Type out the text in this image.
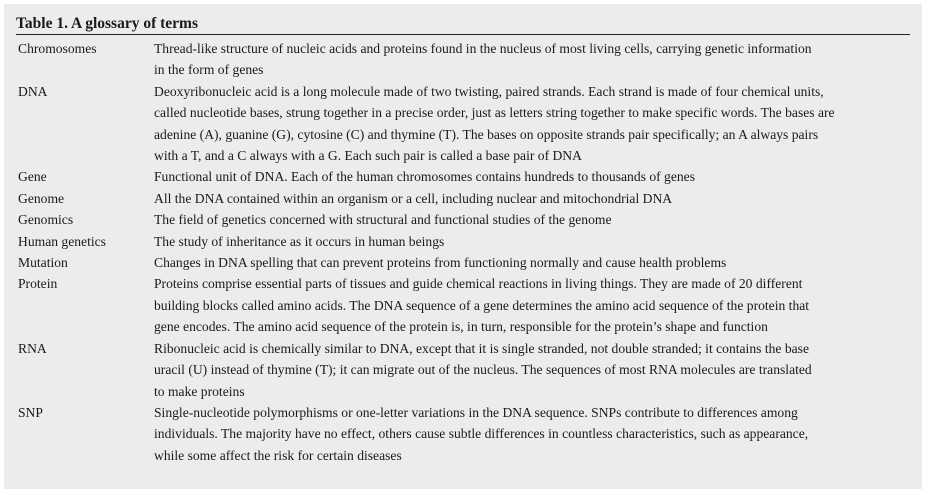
Table 1. A glossary of terms
Chromosomes	Thread-like structure of nucleic acids and proteins found in the nucleus of most living cells, carrying genetic information
in the form of genes
DNA	Deoxyribonucleic acid is a long molecule made of two twisting, paired strands. Each strand is made of four chemical units,
called nucleotide bases, strung together in a precise order, just as letters string together to make specific words. The bases are
adenine (A), guanine (G), cytosine (C) and thymine (T). The bases on opposite strands pair specifically; an A always pairs
with a T, and a C always with a G. Each such pair is called a base pair of DNA
Gene	Functional unit of DNA. Each of the human chromosomes contains hundreds to thousands of genes
Genome	All the DNA contained within an organism or a cell, including nuclear and mitochondrial DNA
Genomics	The field of genetics concerned with structural and functional studies of the genome
Human genetics	The study of inheritance as it occurs in human beings
Mutation	Changes in DNA spelling that can prevent proteins from functioning normally and cause health problems
Protein	Proteins comprise essential parts of tissues and guide chemical reactions in living things. They are made of 20 different
building blocks called amino acids. The DNA sequence of a gene determines the amino acid sequence of the protein that
gene encodes. The amino acid sequence of the protein is, in turn, responsible for the protein’s shape and function
RNA	Ribonucleic acid is chemically similar to DNA, except that it is single stranded, not double stranded; it contains the base
uracil (U) instead of thymine (T); it can migrate out of the nucleus. The sequences of most RNA molecules are translated
to make proteins
SNP	Single-nucleotide polymorphisms or one-letter variations in the DNA sequence. SNPs contribute to differences among
individuals. The majority have no effect, others cause subtle differences in countless characteristics, such as appearance,
while some affect the risk for certain diseases
